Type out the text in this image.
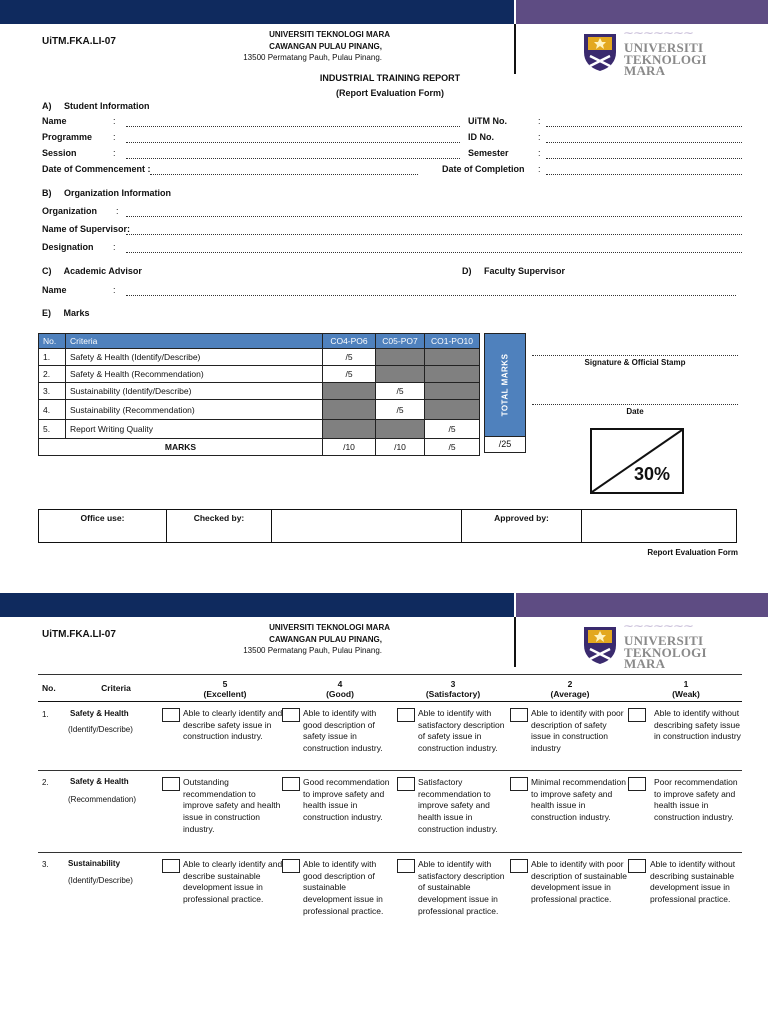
UiTM.FKA.LI-07
UNIVERSITI TEKNOLOGI MARA
CAWANGAN PULAU PINANG,
13500 Permatang Pauh, Pulau Pinang.
⁓⁓⁓⁓⁓⁓⁓
UNIVERSITI
TEKNOLOGI
MARA
INDUSTRIAL TRAINING REPORT
(Report Evaluation Form)
A)     Student Information
Name	:
Programme :
Session	:
Date of Commencement :
UiTM No.	:
ID No.	:
Semester	:
Date of Completion :
B)     Organization Information
Organization :
Name of Supervisor:
Designation :
C)     Academic Advisor	D)     Faculty Supervisor
Name	:
E)     Marks
No.	Criteria	CO4-PO6	C05-PO7	CO1-PO10
1.	Safety & Health (Identify/Describe)	/5		
2.	Safety & Health (Recommendation)	/5		
3.	Sustainability (Identify/Describe)		/5	
4.	Sustainability (Recommendation)		/5	
5.	Report Writing Quality			/5
MARKS		/10	/10	/5
TOTAL MARKS
/25
Signature & Official Stamp
Date
30%
Office use:	Checked by:	Approved by:
Report Evaluation Form
UiTM.FKA.LI-07
UNIVERSITI TEKNOLOGI MARA
CAWANGAN PULAU PINANG,
13500 Permatang Pauh, Pulau Pinang.
⁓⁓⁓⁓⁓⁓⁓
UNIVERSITI
TEKNOLOGI
MARA
No.	Criteria	5
(Excellent)
4
(Good)
3
(Satisfactory)
2
(Average)
1
(Weak)
1.	Safety & Health
(Identify/Describe)
Able to clearly identify and describe safety issue in construction industry.
Able to identify with good description of safety issue in construction industry.
Able to identify with satisfactory description of safety issue in construction industry.
Able to identify with poor description of safety issue in construction industry
Able to identify without describing safety issue in construction industry
2.	Safety & Health
(Recommendation)
Outstanding recommendation to improve safety and health issue in construction industry.
Good recommendation to improve safety and health issue in construction industry.
Satisfactory recommendation to improve safety and health issue in construction industry.
Minimal recommendation to improve safety and health issue in construction industry.
Poor recommendation to improve safety and health issue in construction industry.
3. Sustainability
(Identify/Describe)
Able to clearly identify and describe sustainable development issue in professional practice.
Able to identify with good description of sustainable development issue in professional practice.
Able to identify with satisfactory description of sustainable development issue in professional practice.
Able to identify with poor description of sustainable development issue in professional practice.
Able to identify without describing sustainable development issue in professional practice.
